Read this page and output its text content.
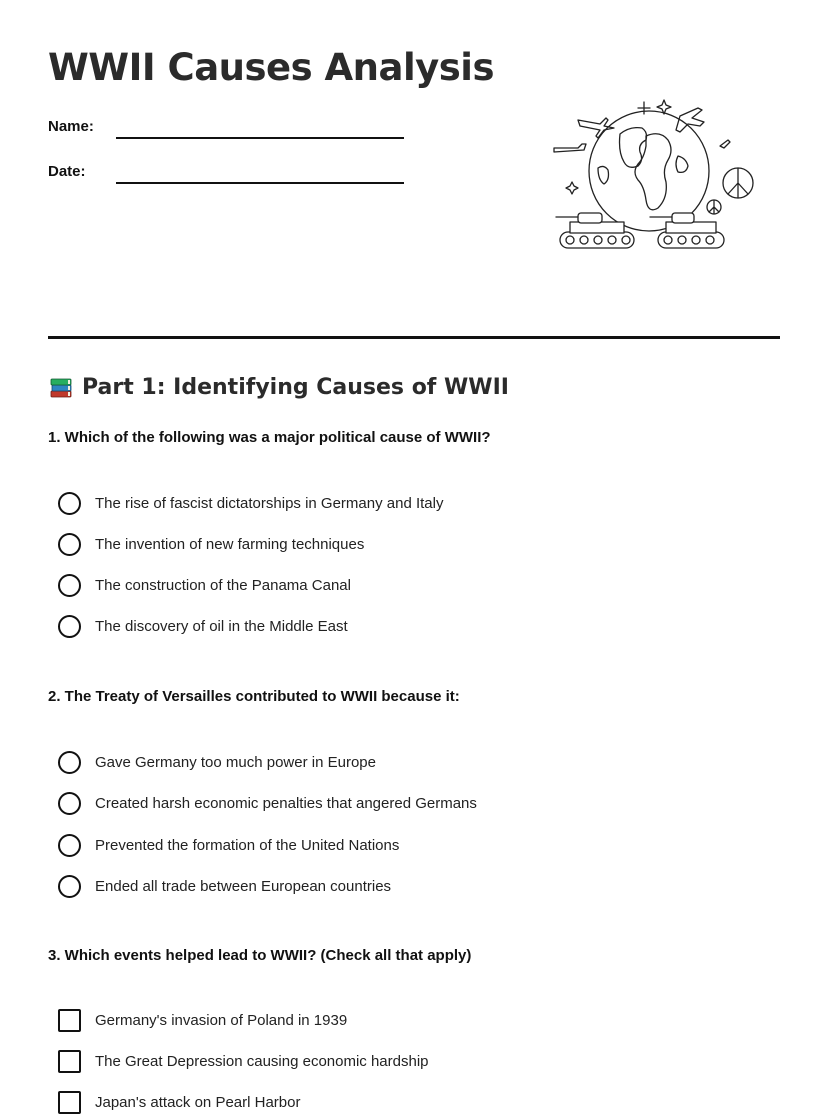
WWII Causes Analysis
Name:
Date:
Part 1: Identifying Causes of WWII

1. Which of the following was a major political cause of WWII?

The rise of fascist dictatorships in Germany and Italy
The invention of new farming techniques
The construction of the Panama Canal
The discovery of oil in the Middle East

2. The Treaty of Versailles contributed to WWII because it:

Gave Germany too much power in Europe
Created harsh economic penalties that angered Germans
Prevented the formation of the United Nations
Ended all trade between European countries

3. Which events helped lead to WWII? (Check all that apply)

Germany's invasion of Poland in 1939
The Great Depression causing economic hardship
Japan's attack on Pearl Harbor
